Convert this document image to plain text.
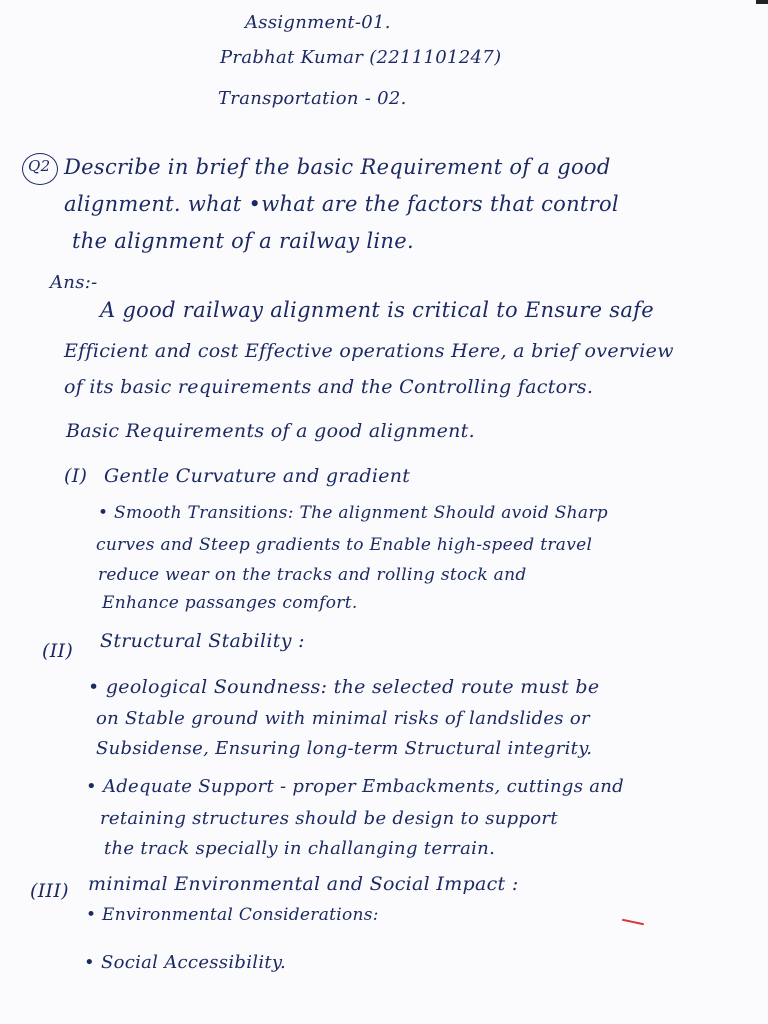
Assignment-01.
Prabhat Kumar (2211101247)
Transportation - 02.
Q2 Describe in brief the basic Requirement of a good
alignment. what •what are the factors that control
the alignment of a railway line.
Ans:-
A good railway alignment is critical to Ensure safe
Efficient and cost Effective operations Here, a brief overview
of its basic requirements and the Controlling factors.
Basic Requirements of a good alignment.
(I) Gentle Curvature and gradient
• Smooth Transitions: The alignment Should avoid Sharp
curves and Steep gradients to Enable high-speed travel
reduce wear on the tracks and rolling stock and
Enhance passanges comfort.
(II) Structural Stability :
• geological Soundness: the selected route must be
on Stable ground with minimal risks of landslides or
Subsidense, Ensuring long-term Structural integrity.
• Adequate Support - proper Embackments, cuttings and
retaining structures should be design to support
the track specially in challanging terrain.
(III) minimal Environmental and Social Impact :
• Environmental Considerations:
• Social Accessibility.
